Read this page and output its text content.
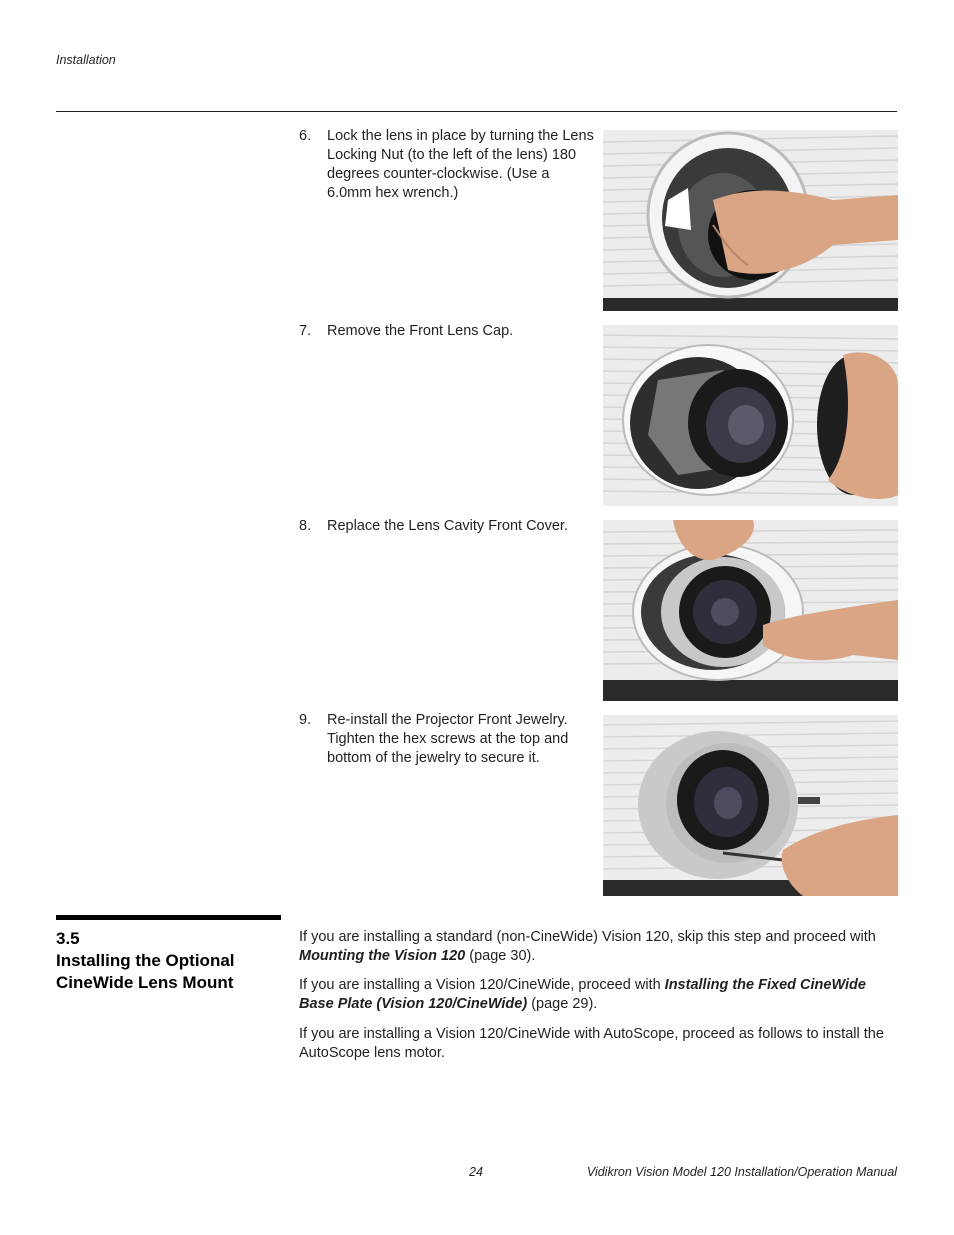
Installation
6. Lock the lens in place by turning the Lens Locking Nut (to the left of the lens) 180 degrees counter-clockwise. (Use a 6.0mm hex wrench.)
7. Remove the Front Lens Cap.
8. Replace the Lens Cavity Front Cover.
9. Re-install the Projector Front Jewelry. Tighten the hex screws at the top and bottom of the jewelry to secure it.
3.5
Installing the Optional
CineWide Lens Mount
If you are installing a standard (non-CineWide) Vision 120, skip this step and proceed with Mounting the Vision 120 (page 30).
If you are installing a Vision 120/CineWide, proceed with Installing the Fixed CineWide Base Plate (Vision 120/CineWide) (page 29).
If you are installing a Vision 120/CineWide with AutoScope, proceed as follows to install the AutoScope lens motor.
24	Vidikron Vision Model 120 Installation/Operation Manual
